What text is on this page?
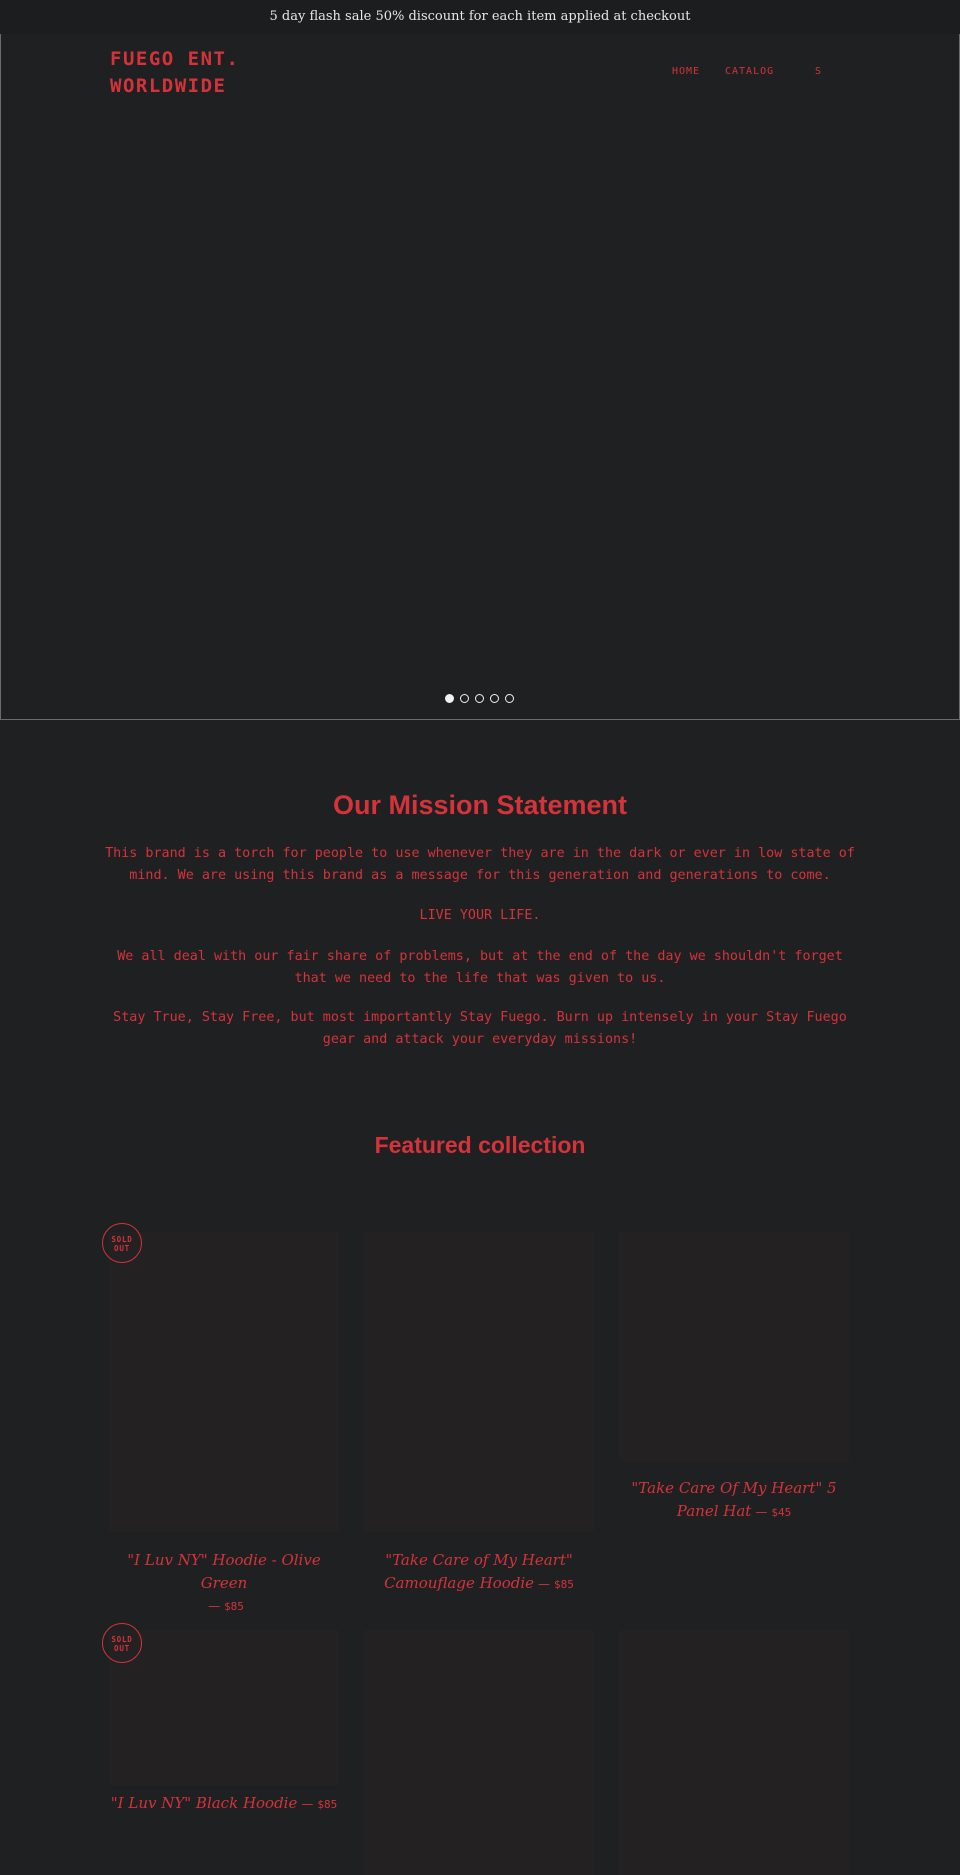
5 day flash sale 50% discount for each item applied at checkout
FUEGO ENT.
WORLDWIDE
HOME CATALOG	S
Our Mission Statement

This brand is a torch for people to use whenever they are in the dark or ever in low state of mind. We are using this brand as a message for this generation and generations to come.

LIVE YOUR LIFE.

We all deal with our fair share of problems, but at the end of the day we shouldn't forget that we need to the life that was given to us.

Stay True, Stay Free, but most importantly Stay Fuego. Burn up intensely in your Stay Fuego gear and attack your everyday missions!

Featured collection
SOLD
OUT
"I Luv NY" Hoodie - Olive Green
— $85
"Take Care of My Heart" Camouflage Hoodie — $85
"Take Care Of My Heart" 5 Panel Hat — $45
SOLD
OUT
"I Luv NY" Black Hoodie — $85
